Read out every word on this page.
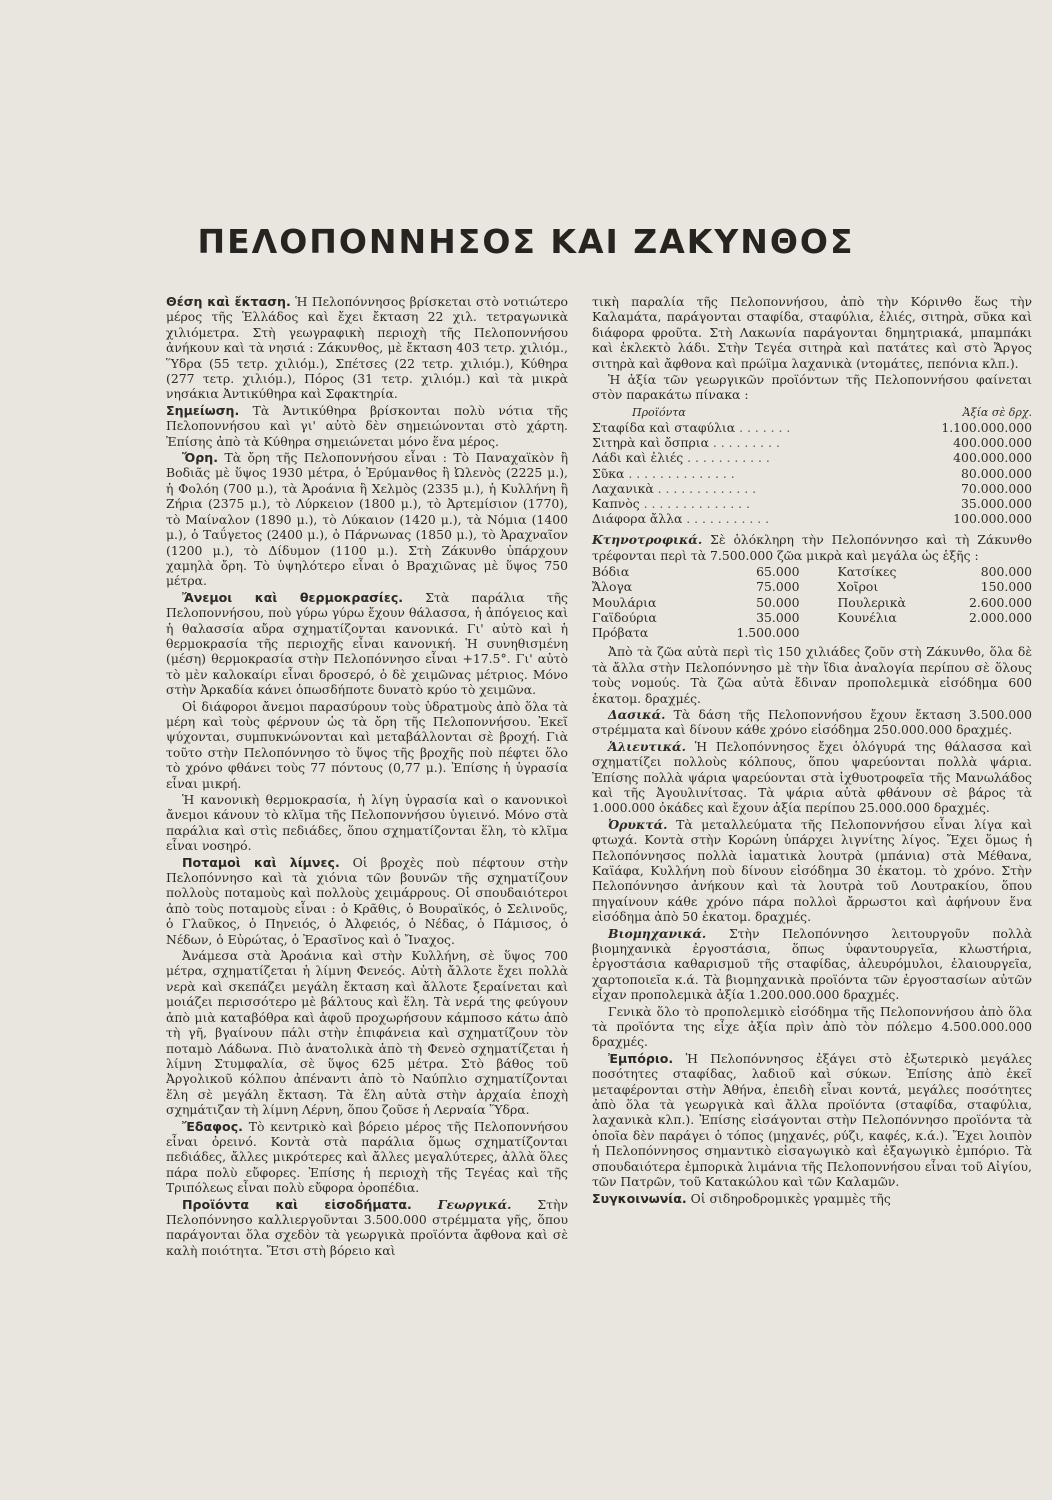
ΠΕΛΟΠΟΝΝΗΣΟΣ ΚΑΙ ΖΑΚΥΝΘΟΣ

Θέση καὶ ἔκταση. Ἡ Πελοπόννησος βρίσκεται στὸ νοτιώτερο μέρος τῆς Ἑλλάδος καὶ ἔχει ἔκταση 22 χιλ. τετραγωνικὰ χιλιόμετρα. Στὴ γεωγραφικὴ περιοχὴ τῆς Πελοποννήσου ἀνήκουν καὶ τὰ νησιά : Ζάκυνθος, μὲ ἔκταση 403 τετρ. χιλιόμ., Ὕδρα (55 τετρ. χιλιόμ.), Σπέτσες (22 τετρ. χιλιόμ.), Κύθηρα (277 τετρ. χιλιόμ.), Πόρος (31 τετρ. χιλιόμ.) καὶ τὰ μικρὰ νησάκια Ἀντικύθηρα καὶ Σφακτηρία.

Σημείωση. Τὰ Ἀντικύθηρα βρίσκονται πολὺ νότια τῆς Πελοποννήσου καὶ γι' αὐτὸ δὲν σημειώνονται στὸ χάρτη. Ἐπίσης ἀπὸ τὰ Κύθηρα σημειώνεται μόνο ἕνα μέρος.

Ὄρη. Τὰ ὄρη τῆς Πελοποννήσου εἶναι : Τὸ Παναχαϊκὸν ἢ Βοδιᾶς μὲ ὕψος 1930 μέτρα, ὁ Ἐρύμανθος ἢ Ὠλενὸς (2225 μ.), ἡ Φολόη (700 μ.), τὰ Ἀροάνια ἢ Χελμὸς (2335 μ.), ἡ Κυλλήνη ἢ Ζήρια (2375 μ.), τὸ Λύρκειον (1800 μ.), τὸ Ἀρτεμίσιον (1770), τὸ Μαίναλον (1890 μ.), τὸ Λύκαιον (1420 μ.), τὰ Νόμια (1400 μ.), ὁ Ταΰγετος (2400 μ.), ὁ Πάρνωνας (1850 μ.), τὸ Ἀραχναῖον (1200 μ.), τὸ Δίδυμον (1100 μ.). Στὴ Ζάκυνθο ὑπάρχουν χαμηλὰ ὄρη. Τὸ ὑψηλότερο εἶναι ὁ Βραχιῶνας μὲ ὕψος 750 μέτρα.

Ἄνεμοι καὶ θερμοκρασίες. Στὰ παράλια τῆς Πελοποννήσου, ποὺ γύρω γύρω ἔχουν θάλασσα, ἡ ἀπόγειος καὶ ἡ θαλασσία αὔρα σχηματίζονται κανονικά. Γι' αὐτὸ καὶ ἡ θερμοκρασία τῆς περιοχῆς εἶναι κανονική. Ἡ συνηθισμένη (μέση) θερμοκρασία στὴν Πελοπόννησο εἶναι +17.5°. Γι' αὐτὸ τὸ μὲν καλοκαίρι εἶναι δροσερό, ὁ δὲ χειμῶνας μέτριος. Μόνο στὴν Ἀρκαδία κάνει ὁπωσδήποτε δυνατὸ κρύο τὸ χειμῶνα.

Οἱ διάφοροι ἄνεμοι παρασύρουν τοὺς ὑδρατμοὺς ἀπὸ ὅλα τὰ μέρη καὶ τοὺς φέρνουν ὡς τὰ ὄρη τῆς Πελοποννήσου. Ἐκεῖ ψύχονται, συμπυκνώνονται καὶ μεταβάλλονται σὲ βροχή. Γιὰ τοῦτο στὴν Πελοπόννησο τὸ ὕψος τῆς βροχῆς ποὺ πέφτει ὅλο τὸ χρόνο φθάνει τοὺς 77 πόντους (0,77 μ.). Ἐπίσης ἡ ὑγρασία εἶναι μικρή.

Ἡ κανονικὴ θερμοκρασία, ἡ λίγη ὑγρασία καὶ ο κανονικοὶ ἄνεμοι κάνουν τὸ κλῖμα τῆς Πελοποννήσου ὑγιεινό. Μόνο στὰ παράλια καὶ στὶς πεδιάδες, ὅπου σχηματίζονται ἕλη, τὸ κλῖμα εἶναι νοσηρό.

Ποταμοὶ καὶ λίμνες. Οἱ βροχὲς ποὺ πέφτουν στὴν Πελοπόννησο καὶ τὰ χιόνια τῶν βουνῶν τῆς σχηματίζουν πολλοὺς ποταμοὺς καὶ πολλοὺς χειμάρρους. Οἱ σπουδαιότεροι ἀπὸ τοὺς ποταμοὺς εἶναι : ὁ Κρᾶθις, ὁ Βουραϊκός, ὁ Σελινοῦς, ὁ Γλαῦκος, ὁ Πηνειός, ὁ Ἀλφειός, ὁ Νέδας, ὁ Πάμισος, ὁ Νέδων, ὁ Εὐρώτας, ὁ Ἐρασῖνος καὶ ὁ Ἴναχος.

Ἀνάμεσα στὰ Ἀροάνια καὶ στὴν Κυλλήνη, σὲ ὕψος 700 μέτρα, σχηματίζεται ἡ λίμνη Φενεός. Αὐτὴ ἄλλοτε ἔχει πολλὰ νερὰ καὶ σκεπάζει μεγάλη ἔκταση καὶ ἄλλοτε ξεραίνεται καὶ μοιάζει περισσότερο μὲ βάλτους καὶ ἕλη. Τὰ νερά της φεύγουν ἀπὸ μιὰ καταβόθρα καὶ ἀφοῦ προχωρήσουν κάμποσο κάτω ἀπὸ τὴ γῆ, βγαίνουν πάλι στὴν ἐπιφάνεια καὶ σχηματίζουν τὸν ποταμὸ Λάδωνα. Πιὸ ἀνατολικὰ ἀπὸ τὴ Φενεὸ σχηματίζεται ἡ λίμνη Στυμφαλία, σὲ ὕψος 625 μέτρα. Στὸ βάθος τοῦ Ἀργολικοῦ κόλπου ἀπέναντι ἀπὸ τὸ Ναύπλιο σχηματίζονται ἕλη σὲ μεγάλη ἔκταση. Τὰ ἕλη αὐτὰ στὴν ἀρχαία ἐποχὴ σχημάτιζαν τὴ λίμνη Λέρνη, ὅπου ζοῦσε ἡ Λερναία Ὕδρα.

Ἔδαφος. Τὸ κεντρικὸ καὶ βόρειο μέρος τῆς Πελοποννήσου εἶναι ὀρεινό. Κοντὰ στὰ παράλια ὅμως σχηματίζονται πεδιάδες, ἄλλες μικρότερες καὶ ἄλλες μεγαλύτερες, ἀλλὰ ὅλες πάρα πολὺ εὔφορες. Ἐπίσης ἡ περιοχὴ τῆς Τεγέας καὶ τῆς Τριπόλεως εἶναι πολὺ εὔφορα ὀροπέδια.

Προϊόντα καὶ εἰσοδήματα. Γεωργικά. Στὴν Πελοπόννησο καλλιεργοῦνται 3.500.000 στρέμματα γῆς, ὅπου παράγονται ὅλα σχεδὸν τὰ γεωργικὰ προϊόντα ἄφθονα καὶ σὲ καλὴ ποιότητα. Ἔτσι στὴ βόρειο καὶ

τικὴ παραλία τῆς Πελοποννήσου, ἀπὸ τὴν Κόρινθο ἕως τὴν Καλαμάτα, παράγονται σταφίδα, σταφύλια, ἐλιές, σιτηρὰ, σῦκα καὶ διάφορα φροῦτα. Στὴ Λακωνία παράγονται δημητριακά, μπαμπάκι καὶ ἐκλεκτὸ λάδι. Στὴν Τεγέα σιτηρὰ καὶ πατάτες καὶ στὸ Ἄργος σιτηρὰ καὶ ἄφθονα καὶ πρώϊμα λαχανικὰ (ντομάτες, πεπόνια κλπ.).

Ἡ ἀξία τῶν γεωργικῶν προϊόντων τῆς Πελοποννήσου φαίνεται στὸν παρακάτω πίνακα :

Προϊόντα	Ἀξία σὲ δρχ.
Σταφίδα καὶ σταφύλια . . . . . . .	1.100.000.000
Σιτηρὰ καὶ ὄσπρια . . . . . . . . .	400.000.000
Λάδι καὶ ἐλιές . . . . . . . . . . .	400.000.000
Σῦκα . . . . . . . . . . . . . .	80.000.000
Λαχανικὰ . . . . . . . . . . . . .	70.000.000
Καπνὸς . . . . . . . . . . . . . .	35.000.000
Διάφορα ἄλλα . . . . . . . . . . .	100.000.000

Κτηνοτροφικά. Σὲ ὁλόκληρη τὴν Πελοπόννησο καὶ τὴ Ζάκυνθο τρέφονται περὶ τὰ 7.500.000 ζῶα μικρὰ καὶ μεγάλα ὡς ἑξῆς :

Βόδια	65.000	Κατσίκες	800.000
Ἄλογα	75.000	Χοῖροι	150.000
Μουλάρια	50.000	Πουλερικὰ	2.600.000
Γαϊδούρια	35.000	Κουνέλια	2.000.000
Πρόβατα	1.500.000		

Ἀπὸ τὰ ζῶα αὐτὰ περὶ τὶς 150 χιλιάδες ζοῦν στὴ Ζάκυνθο, ὅλα δὲ τὰ ἄλλα στὴν Πελοπόννησο μὲ τὴν ἴδια ἀναλογία περίπου σὲ ὅλους τοὺς νομούς. Τὰ ζῶα αὐτὰ ἔδιναν προπολεμικὰ εἰσόδημα 600 ἑκατομ. δραχμές.

Δασικά. Τὰ δάση τῆς Πελοποννήσου ἔχουν ἔκταση 3.500.000 στρέμματα καὶ δίνουν κάθε χρόνο εἰσόδημα 250.000.000 δραχμές.

Ἁλιευτικά. Ἡ Πελοπόννησος ἔχει ὁλόγυρά της θάλασσα καὶ σχηματίζει πολλοὺς κόλπους, ὅπου ψαρεύονται πολλὰ ψάρια. Ἐπίσης πολλὰ ψάρια ψαρεύονται στὰ ἰχθυοτροφεῖα τῆς Μανωλάδος καὶ τῆς Ἀγουλινίτσας. Τὰ ψάρια αὐτὰ φθάνουν σὲ βάρος τὰ 1.000.000 ὀκάδες καὶ ἔχουν ἀξία περίπου 25.000.000 δραχμές.

Ὀρυκτά. Τὰ μεταλλεύματα τῆς Πελοποννήσου εἶναι λίγα καὶ φτωχά. Κοντὰ στὴν Κορώνη ὑπάρχει λιγνίτης λίγος. Ἔχει ὅμως ἡ Πελοπόννησος πολλὰ ἰαματικὰ λουτρὰ (μπάνια) στὰ Μέθανα, Καϊάφα, Κυλλήνη ποὺ δίνουν εἰσόδημα 30 ἑκατομ. τὸ χρόνο. Στὴν Πελοπόννησο ἀνήκουν καὶ τὰ λουτρὰ τοῦ Λουτρακίου, ὅπου πηγαίνουν κάθε χρόνο πάρα πολλοὶ ἄρρωστοι καὶ ἀφήνουν ἕνα εἰσόδημα ἀπὸ 50 ἑκατομ. δραχμές.

Βιομηχανικά. Στὴν Πελοπόννησο λειτουργοῦν πολλὰ βιομηχανικὰ ἐργοστάσια, ὅπως ὑφαντουργεῖα, κλωστήρια, ἐργοστάσια καθαρισμοῦ τῆς σταφίδας, ἀλευρόμυλοι, ἐλαιουργεῖα, χαρτοποιεῖα κ.ά. Τὰ βιομηχανικὰ προϊόντα τῶν ἐργοστασίων αὐτῶν εἶχαν προπολεμικὰ ἀξία 1.200.000.000 δραχμές.

Γενικὰ ὅλο τὸ προπολεμικὸ εἰσόδημα τῆς Πελοποννήσου ἀπὸ ὅλα τὰ προϊόντα της εἶχε ἀξία πρὶν ἀπὸ τὸν πόλεμο 4.500.000.000 δραχμές.

Ἐμπόριο. Ἡ Πελοπόννησος ἐξάγει στὸ ἐξωτερικὸ μεγάλες ποσότητες σταφίδας, λαδιοῦ καὶ σύκων. Ἐπίσης ἀπὸ ἐκεῖ μεταφέρονται στὴν Ἀθήνα, ἐπειδὴ εἶναι κοντά, μεγάλες ποσότητες ἀπὸ ὅλα τὰ γεωργικὰ καὶ ἄλλα προϊόντα (σταφίδα, σταφύλια, λαχανικὰ κλπ.). Ἐπίσης εἰσάγονται στὴν Πελοπόννησο προϊόντα τὰ ὁποῖα δὲν παράγει ὁ τόπος (μηχανές, ρύζι, καφές, κ.ά.). Ἔχει λοιπὸν ἡ Πελοπόννησος σημαντικὸ εἰσαγωγικὸ καὶ ἐξαγωγικὸ ἐμπόριο. Τὰ σπουδαιότερα ἐμπορικὰ λιμάνια τῆς Πελοποννήσου εἶναι τοῦ Αἰγίου, τῶν Πατρῶν, τοῦ Κατακώλου καὶ τῶν Καλαμῶν.

Συγκοινωνία. Οἱ σιδηροδρομικὲς γραμμὲς τῆς
